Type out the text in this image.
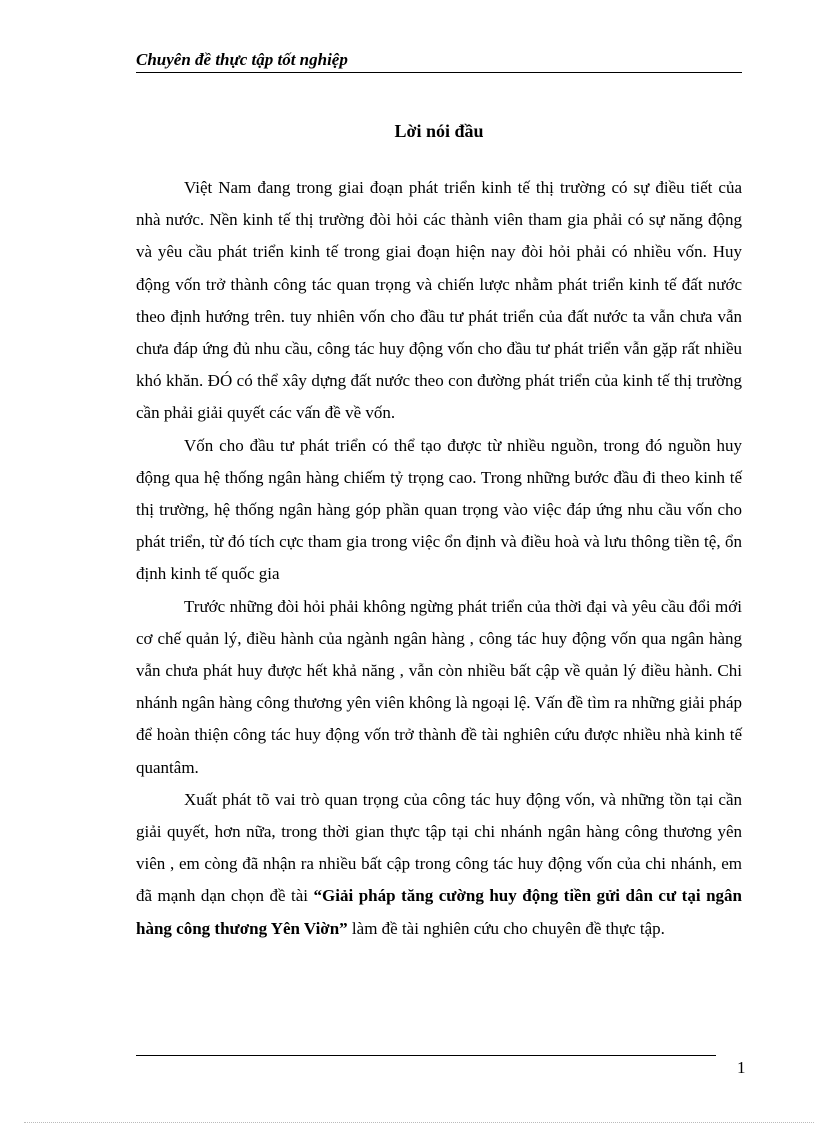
Chuyên đề thực tập tốt nghiệp
Lời nói đầu

Việt Nam đang trong giai đoạn phát triển kinh tế thị trường có sự điều tiết của nhà nước. Nền kinh tế thị trường đòi hỏi các thành viên tham gia phải có sự năng động và yêu cầu phát triển kinh tế trong giai đoạn hiện nay đòi hỏi phải có nhiều vốn. Huy động vốn trở thành công tác quan trọng và chiến lược nhằm phát triển kinh tế đất nước theo định hướng trên. tuy nhiên vốn cho đầu tư phát triển của đất nước ta vẫn chưa vẫn chưa đáp ứng đủ nhu cầu, công tác huy động vốn cho đầu tư phát triển vẫn gặp rất nhiều khó khăn. ĐÓ có thể xây dựng đất nước theo con đường phát triển của kinh tế thị trường cần phải giải quyết các vấn đề về vốn.

Vốn cho đầu tư phát triển có thể tạo được từ nhiều nguồn, trong đó nguồn huy động qua hệ thống ngân hàng chiếm tỷ trọng cao. Trong những bước đầu đi theo kinh tế thị trường, hệ thống ngân hàng góp phần quan trọng vào việc đáp ứng nhu cầu vốn cho phát triển, từ đó tích cực tham gia trong việc ổn định và điều hoà và lưu thông tiền tệ, ổn định kinh tế quốc gia

Trước những đòi hỏi phải không ngừng phát triển của thời đại và yêu cầu đổi mới cơ chế quản lý, điều hành của ngành ngân hàng , công tác huy động vốn qua ngân hàng vẫn chưa phát huy được hết khả năng , vẫn còn nhiều bất cập về quản lý điều hành. Chi nhánh ngân hàng công thương yên viên không là ngoại lệ. Vấn đề tìm ra những giải pháp để hoàn thiện công tác huy động vốn trở thành đề tài nghiên cứu được nhiều nhà kinh tế quantâm.

Xuất phát tõ vai trò quan trọng của công tác huy động vốn, và những tồn tại cần giải quyết, hơn nữa, trong thời gian thực tập tại chi nhánh ngân hàng công thương yên viên , em còng đã nhận ra nhiều bất cập trong công tác huy động vốn của chi nhánh, em đã mạnh dạn chọn đề tài “Giải pháp tăng cường huy động tiền gửi dân cư tại ngân hàng công thương Yên Viờn” làm đề tài nghiên cứu cho chuyên đề thực tập.

1
